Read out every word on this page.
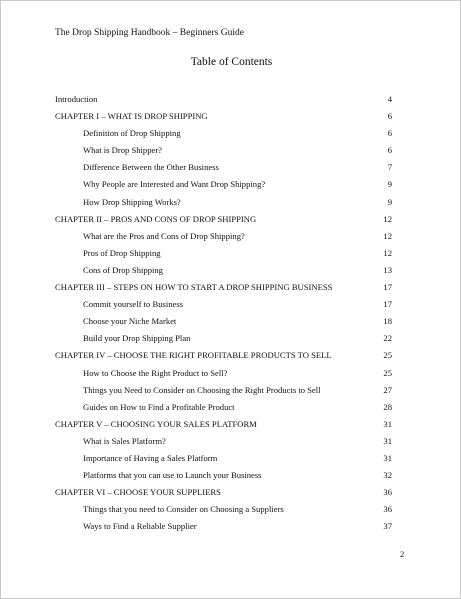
The Drop Shipping Handbook – Beginners Guide
Table of Contents
Introduction	4
CHAPTER I – WHAT IS DROP SHIPPING	6
Definition of Drop Shipping	6
What is Drop Shipper?	6
Difference Between the Other Business	7
Why People are Interested and Want Drop Shipping?	9
How Drop Shipping Works?	9
CHAPTER II – PROS AND CONS OF DROP SHIPPING	12
What are the Pros and Cons of Drop Shipping?	12
Pros of Drop Shipping	12
Cons of Drop Shipping	13
CHAPTER III – STEPS ON HOW TO START A DROP SHIPPING BUSINESS	17
Commit yourself to Business	17
Choose your Niche Market	18
Build your Drop Shipping Plan	22
CHAPTER IV – CHOOSE THE RIGHT PROFITABLE PRODUCTS TO SELL	25
How to Choose the Right Product to Sell?	25
Things you Need to Consider on Choosing the Right Products to Sell	27
Guides on How to Find a Profitable Product	28
CHAPTER V – CHOOSING YOUR SALES PLATFORM	31
What is Sales Platform?	31
Importance of Having a Sales Platform	31
Platforms that you can use to Launch your Business	32
CHAPTER VI – CHOOSE YOUR SUPPLIERS	36
Things that you need to Consider on Choosing a Suppliers	36
Ways to Find a Reliable Supplier	37
2
